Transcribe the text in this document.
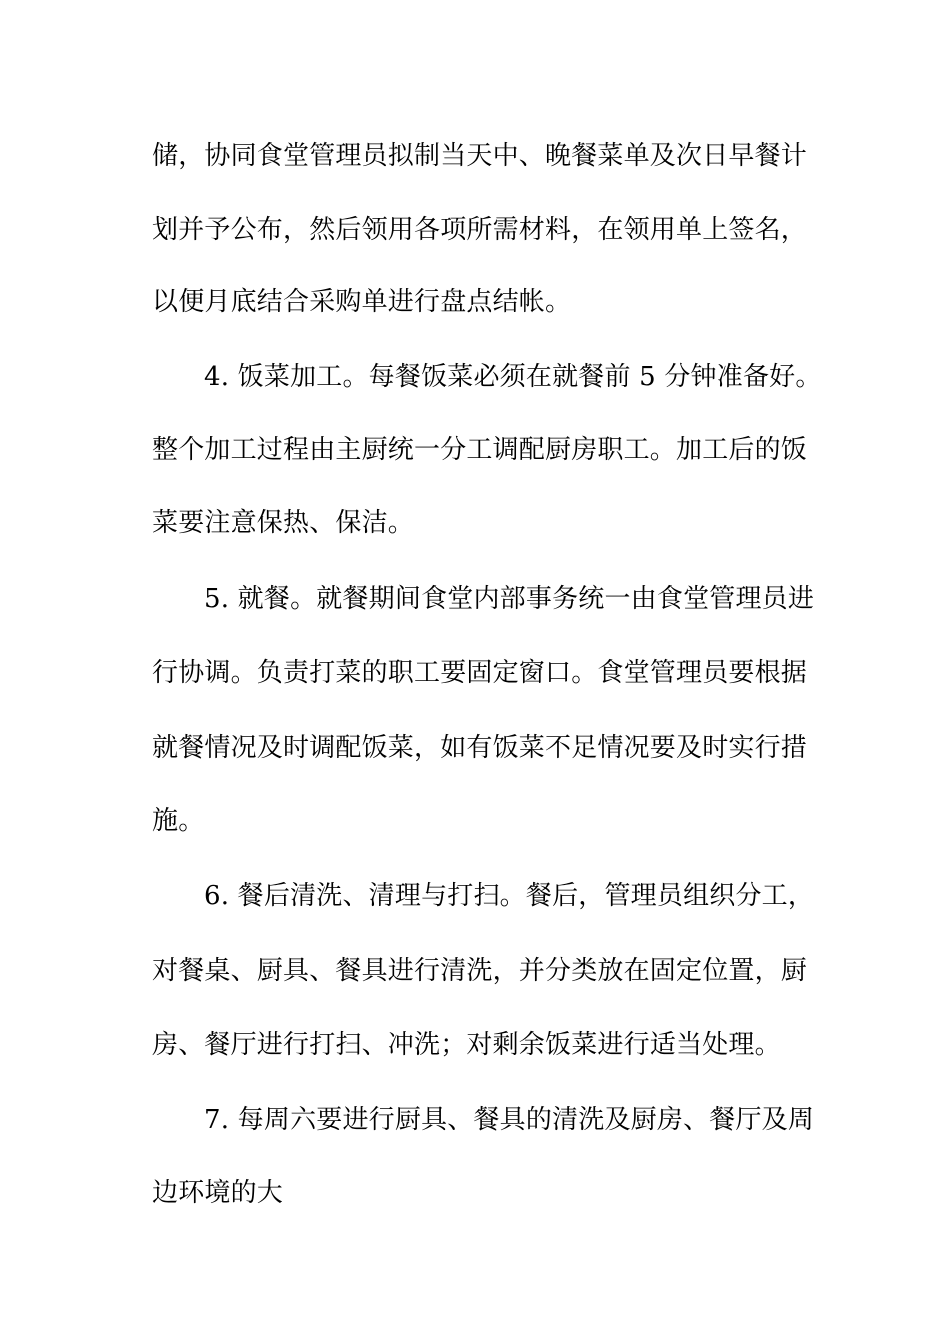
储，协同食堂管理员拟制当天中、晚餐菜单及次日早餐计
划并予公布，然后领用各项所需材料，在领用单上签名，
以便月底结合采购单进行盘点结帐。
4. 饭菜加工。每餐饭菜必须在就餐前 5 分钟准备好。
整个加工过程由主厨统一分工调配厨房职工。加工后的饭
菜要注意保热、保洁。
5. 就餐。就餐期间食堂内部事务统一由食堂管理员进
行协调。负责打菜的职工要固定窗口。食堂管理员要根据
就餐情况及时调配饭菜，如有饭菜不足情况要及时实行措
施。
6. 餐后清洗、清理与打扫。餐后，管理员组织分工，
对餐桌、厨具、餐具进行清洗，并分类放在固定位置，厨
房、餐厅进行打扫、冲洗；对剩余饭菜进行适当处理。
7. 每周六要进行厨具、餐具的清洗及厨房、餐厅及周
边环境的大
